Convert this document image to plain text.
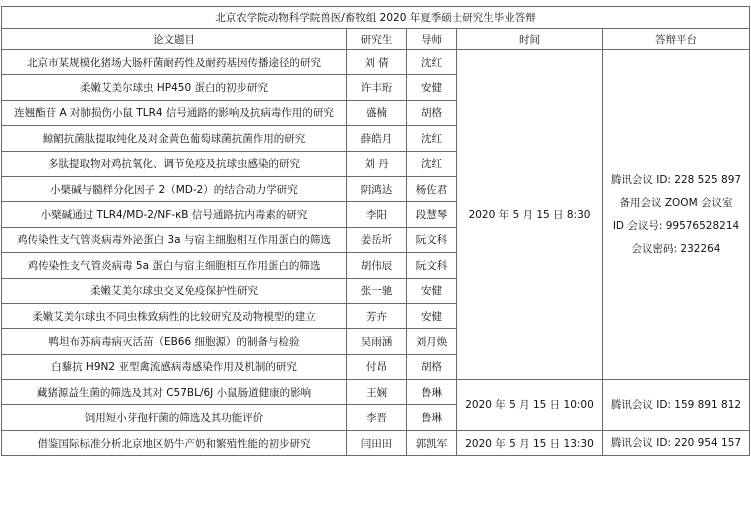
北京农学院动物科学院兽医/畜牧组 2020 年夏季硕士研究生毕业答辩				
论文题目	研究生	导师	时间	答辩平台
北京市某规模化猪场大肠杆菌耐药性及耐药基因传播途径的研究	刘 倩	沈红	2020 年 5 月 15 日 8:30	腾讯会议 ID: 228 525 897
备用会议 ZOOM 会议室
ID 会议号: 99576528214
会议密码: 232264

柔嫩艾美尔球虫 HP450 蛋白的初步研究	许丰珩	安健		
连翘酯苷 A 对肺损伤小鼠 TLR4 信号通路的影响及抗病毒作用的研究	盛楠	胡格		
鲸鲳抗菌肽提取纯化及对金黄色葡萄球菌抗菌作用的研究	薛皓月	沈红		
多肽提取物对鸡抗氧化、调节免疫及抗球虫感染的研究	刘 丹	沈红		
小檗碱与髓样分化因子 2（MD-2）的结合动力学研究	阴鸿达	杨佐君		
小檗碱通过 TLR4/MD-2/NF-κB 信号通路抗内毒素的研究	李阳	段慧琴		
鸡传染性支气管炎病毒外泌蛋白 3a 与宿主细胞相互作用蛋白的筛选	姜岳圻	阮文科		
鸡传染性支气管炎病毒 5a 蛋白与宿主细胞相互作用蛋白的筛选	胡伟辰	阮文科		
柔嫩艾美尔球虫交叉免疫保护性研究	张一驰	安健		
柔嫩艾美尔球虫不同虫株致病性的比较研究及动物模型的建立	芳卉	安健		
鸭坦布苏病毒病灭活苗（EB66 细胞源）的制备与检验	吴雨涵	刘月焕		
白藜抗 H9N2 亚型禽流感病毒感染作用及机制的研究	付昂	胡格		
藏猪源益生菌的筛选及其对 C57BL/6J 小鼠肠道健康的影响	王娴	鲁琳	2020 年 5 月 15 日 10:00	腾讯会议 ID: 159 891 812

饲用短小芽孢杆菌的筛选及其功能评价	李晋	鲁琳		
借鉴国际标准分析北京地区奶牛产奶和繁殖性能的初步研究	闫田田	郭凯军	2020 年 5 月 15 日 13:30	腾讯会议 ID: 220 954 157
